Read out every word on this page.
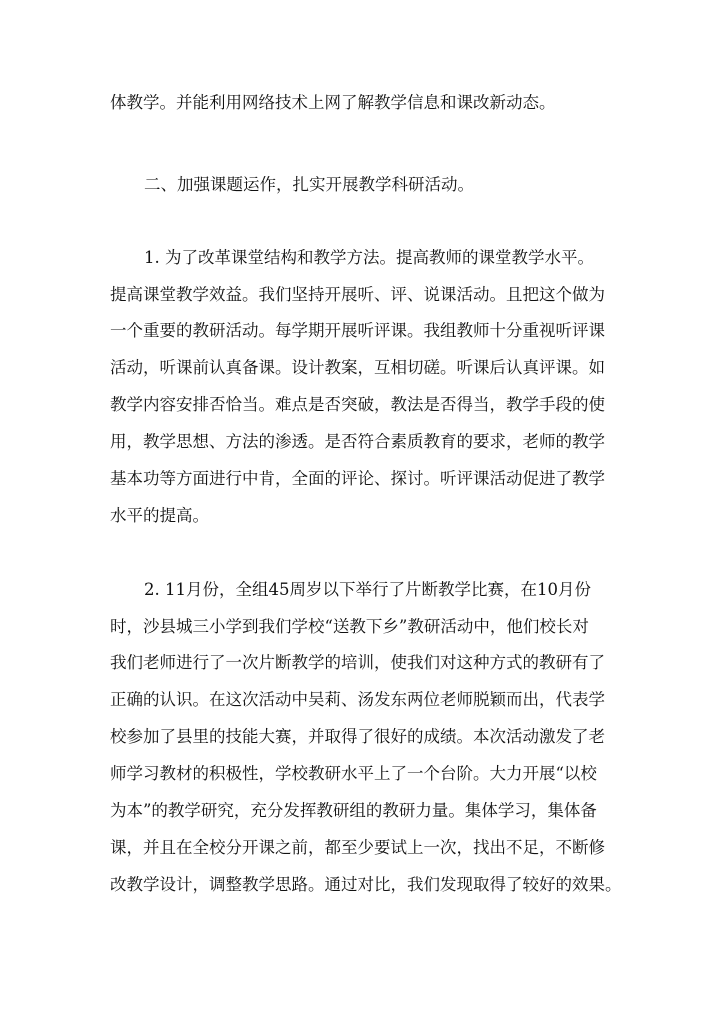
体教学。并能利用网络技术上网了解教学信息和课改新动态。
二、加强课题运作，扎实开展教学科研活动。
1. 为了改革课堂结构和教学方法。提高教师的课堂教学水平。
提高课堂教学效益。我们坚持开展听、评、说课活动。且把这个做为
一个重要的教研活动。每学期开展听评课。我组教师十分重视听评课
活动，听课前认真备课。设计教案，互相切磋。听课后认真评课。如
教学内容安排否恰当。难点是否突破，教法是否得当，教学手段的使
用，教学思想、方法的渗透。是否符合素质教育的要求，老师的教学
基本功等方面进行中肯，全面的评论、探讨。听评课活动促进了教学
水平的提高。
2. 11月份，全组45周岁以下举行了片断教学比赛，在10月份
时，沙县城三小学到我们学校“送教下乡”教研活动中，他们校长对
我们老师进行了一次片断教学的培训，使我们对这种方式的教研有了
正确的认识。在这次活动中吴莉、汤发东两位老师脱颖而出，代表学
校参加了县里的技能大赛，并取得了很好的成绩。本次活动激发了老
师学习教材的积极性，学校教研水平上了一个台阶。大力开展“以校
为本”的教学研究，充分发挥教研组的教研力量。集体学习，集体备
课，并且在全校分开课之前，都至少要试上一次，找出不足，不断修
改教学设计，调整教学思路。通过对比，我们发现取得了较好的效果。
